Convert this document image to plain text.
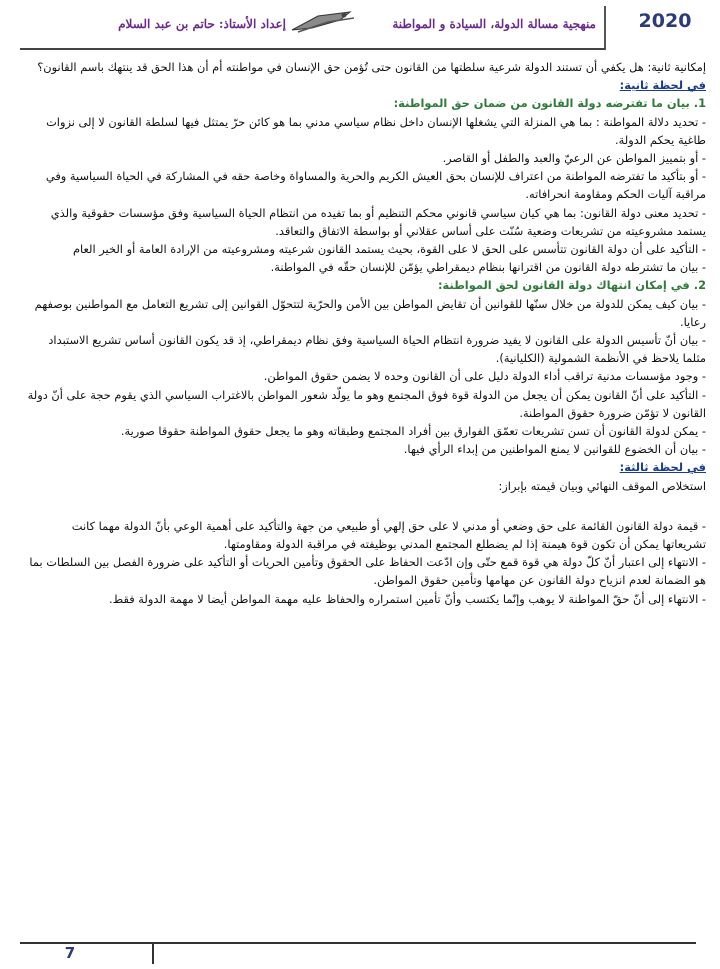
2020
منهجية مسالة الدولة، السيادة و المواطنة
إعداد الأستاذ: حاتم بن عبد السلام

إمكانية ثانية: هل يكفي أن تستند الدولة شرعية سلطتها من القانون حتى تُؤمن حق الإنسان في مواطنته أم أن هذا الحق قد ينتهك باسم القانون؟

في لحظة ثانية:

1. بيان ما تفترضه دولة القانون من ضمان حق المواطنة:

- تحديد دلالة المواطنة : بما هي المنزلة التي يشغلها الإنسان داخل نظام سياسي مدني بما هو كائن حرّ يمتثل فيها لسلطة القانون لا إلى نزوات طاغية يحكم الدولة.

- أو بتمييز المواطن عن الرعيّ والعبد والطفل أو القاصر.

- أو بتأكيد ما تفترضه المواطنة من اعتراف للإنسان بحق العيش الكريم والحرية والمساواة وخاصة حقه في المشاركة في الحياة السياسية وفي مراقبة آليات الحكم ومقاومة انحرافاته.

- تحديد معنى دولة القانون: بما هي كيان سياسي قانوني محكم التنظيم أو بما تفيده من انتظام الحياة السياسية وفق مؤسسات حقوقية والذي يستمد مشروعيته من تشريعات وضعية سُنّت على أساس عقلاني أو بواسطة الاتفاق والتعاقد.

- التأكيد على أن دولة القانون تتأسس على الحق لا على القوة، بحيث يستمد القانون شرعيته ومشروعيته من الإرادة العامة أو الخير العام

- بيان ما تشترطه دولة القانون من اقترانها بنظام ديمقراطي يؤمّن للإنسان حقّه في المواطنة.

2. في إمكان انتهاك دولة القانون لحق المواطنة:

- بيان كيف يمكن للدولة من خلال سنّها للقوانين أن تقايض المواطن بين الأمن والحرّية لتتحوّل القوانين إلى تشريع التعامل مع المواطنين بوصفهم رعايا.

- بيان أنّ تأسيس الدولة على القانون لا يفيد ضرورة انتظام الحياة السياسية وفق نظام ديمقراطي، إذ قد يكون القانون أساس تشريع الاستبداد مثلما يلاحظ في الأنظمة الشمولية (الكليانية).

- وجود مؤسسات مدنية تراقب أداء الدولة دليل على أن القانون وحده لا يضمن حقوق المواطن.

- التأكيد على أنّ القانون يمكن أن يجعل من الدولة قوة فوق المجتمع وهو ما يولّد شعور المواطن بالاغتراب السياسي الذي يقوم حجة على أنّ دولة القانون لا تؤمّن ضرورة حقوق المواطنة.

- يمكن لدولة القانون أن تسن تشريعات تعمّق الفوارق بين أفراد المجتمع وطبقاته وهو ما يجعل حقوق المواطنة حقوقا صورية.

- بيان أن الخضوع للقوانين لا يمنع المواطنين من إبداء الرأي فيها.

في لحظة ثالثة:

استخلاص الموقف النهائي وبيان قيمته بإبراز:

- قيمة دولة القانون القائمة على حق وضعي أو مدني لا على حق إلهي أو طبيعي من جهة والتأكيد على أهمية الوعي بأنّ الدولة مهما كانت تشريعاتها يمكن أن تكون قوة هيمنة إذا لم يضطلع المجتمع المدني بوظيفته في مراقبة الدولة ومقاومتها.

- الانتهاء إلى اعتبار أنّ كلّ دولة هي قوة قمع حتّى وإن ادّعت الحفاظ على الحقوق وتأمين الحريات أو التأكيد على ضرورة الفصل بين السلطات بما هو الضمانة لعدم انزياح دولة القانون عن مهامها وتأمين حقوق المواطن.

- الانتهاء إلى أنّ حقّ المواطنة لا يوهب وإنّما يكتسب وأنّ تأمين استمراره والحفاظ عليه مهمة المواطن أيضا لا مهمة الدولة فقط.

7
